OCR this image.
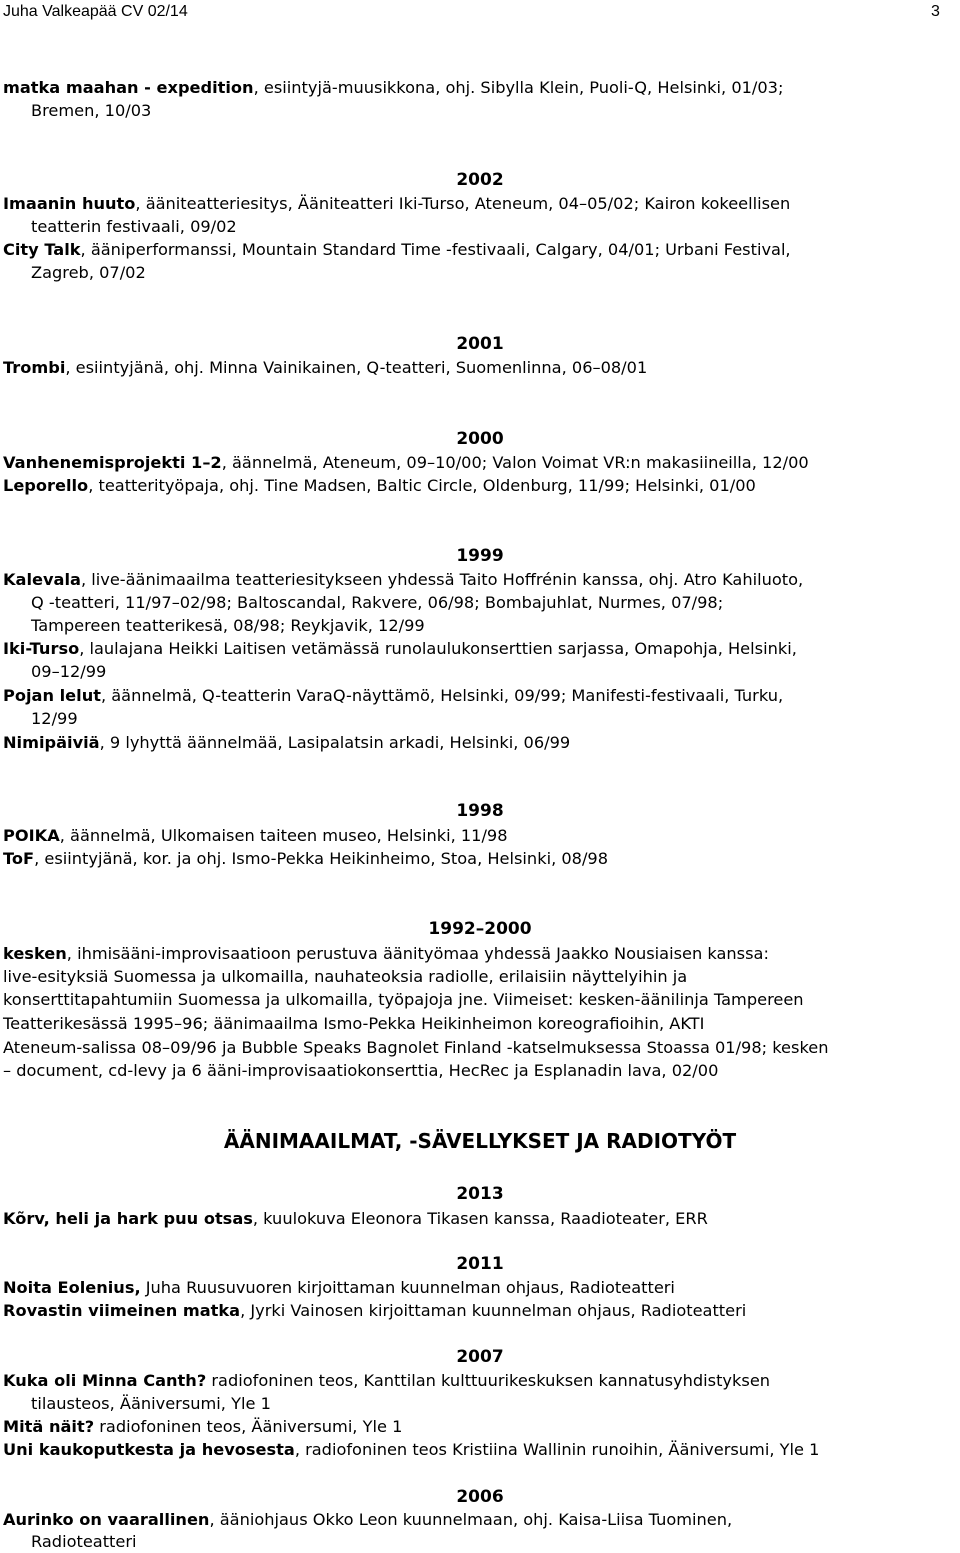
Juha Valkeapää CV 02/14	3
matka maahan - expedition, esiintyjä-muusikkona, ohj. Sibylla Klein, Puoli-Q, Helsinki, 01/03;
Bremen, 10/03
2002
Imaanin huuto, ääniteatteriesitys, Ääniteatteri Iki-Turso, Ateneum, 04–05/02; Kairon kokeellisen
teatterin festivaali, 09/02
City Talk, ääniperformanssi, Mountain Standard Time -festivaali, Calgary, 04/01; Urbani Festival,
Zagreb, 07/02
2001
Trombi, esiintyjänä, ohj. Minna Vainikainen, Q-teatteri, Suomenlinna, 06–08/01
2000
Vanhenemisprojekti 1–2, äännelmä, Ateneum, 09–10/00; Valon Voimat VR:n makasiineilla, 12/00
Leporello, teatterityöpaja, ohj. Tine Madsen, Baltic Circle, Oldenburg, 11/99; Helsinki, 01/00
1999
Kalevala, live-äänimaailma teatteriesitykseen yhdessä Taito Hoffrénin kanssa, ohj. Atro Kahiluoto,
Q -teatteri, 11/97–02/98; Baltoscandal, Rakvere, 06/98; Bombajuhlat, Nurmes, 07/98;
Tampereen teatterikesä, 08/98; Reykjavik, 12/99
Iki-Turso, laulajana Heikki Laitisen vetämässä runolaulukonserttien sarjassa, Omapohja, Helsinki,
09–12/99
Pojan lelut, äännelmä, Q-teatterin VaraQ-näyttämö, Helsinki, 09/99; Manifesti-festivaali, Turku,
12/99
Nimipäiviä, 9 lyhyttä äännelmää, Lasipalatsin arkadi, Helsinki, 06/99
1998
POIKA, äännelmä, Ulkomaisen taiteen museo, Helsinki, 11/98
ToF, esiintyjänä, kor. ja ohj. Ismo-Pekka Heikinheimo, Stoa, Helsinki, 08/98
1992–2000
kesken, ihmisääni-improvisaatioon perustuva äänityömaa yhdessä Jaakko Nousiaisen kanssa:
live-esityksiä Suomessa ja ulkomailla, nauhateoksia radiolle, erilaisiin näyttelyihin ja
konserttitapahtumiin Suomessa ja ulkomailla, työpajoja jne. Viimeiset: kesken-äänilinja Tampereen
Teatterikesässä 1995–96; äänimaailma Ismo-Pekka Heikinheimon koreografioihin, AKTI
Ateneum-salissa 08–09/96 ja Bubble Speaks Bagnolet Finland -katselmuksessa Stoassa 01/98; kesken
– document, cd-levy ja 6 ääni-improvisaatiokonserttia, HecRec ja Esplanadin lava, 02/00
ÄÄNIMAAILMAT, -SÄVELLYKSET JA RADIOTYÖT
2013
Kõrv, heli ja hark puu otsas, kuulokuva Eleonora Tikasen kanssa, Raadioteater, ERR
2011
Noita Eolenius, Juha Ruusuvuoren kirjoittaman kuunnelman ohjaus, Radioteatteri
Rovastin viimeinen matka, Jyrki Vainosen kirjoittaman kuunnelman ohjaus, Radioteatteri
2007
Kuka oli Minna Canth? radiofoninen teos, Kanttilan kulttuurikeskuksen kannatusyhdistyksen
tilausteos, Ääniversumi, Yle 1
Mitä näit? radiofoninen teos, Ääniversumi, Yle 1
Uni kaukoputkesta ja hevosesta, radiofoninen teos Kristiina Wallinin runoihin, Ääniversumi, Yle 1
2006
Aurinko on vaarallinen, ääniohjaus Okko Leon kuunnelmaan, ohj. Kaisa-Liisa Tuominen,
Radioteatteri
